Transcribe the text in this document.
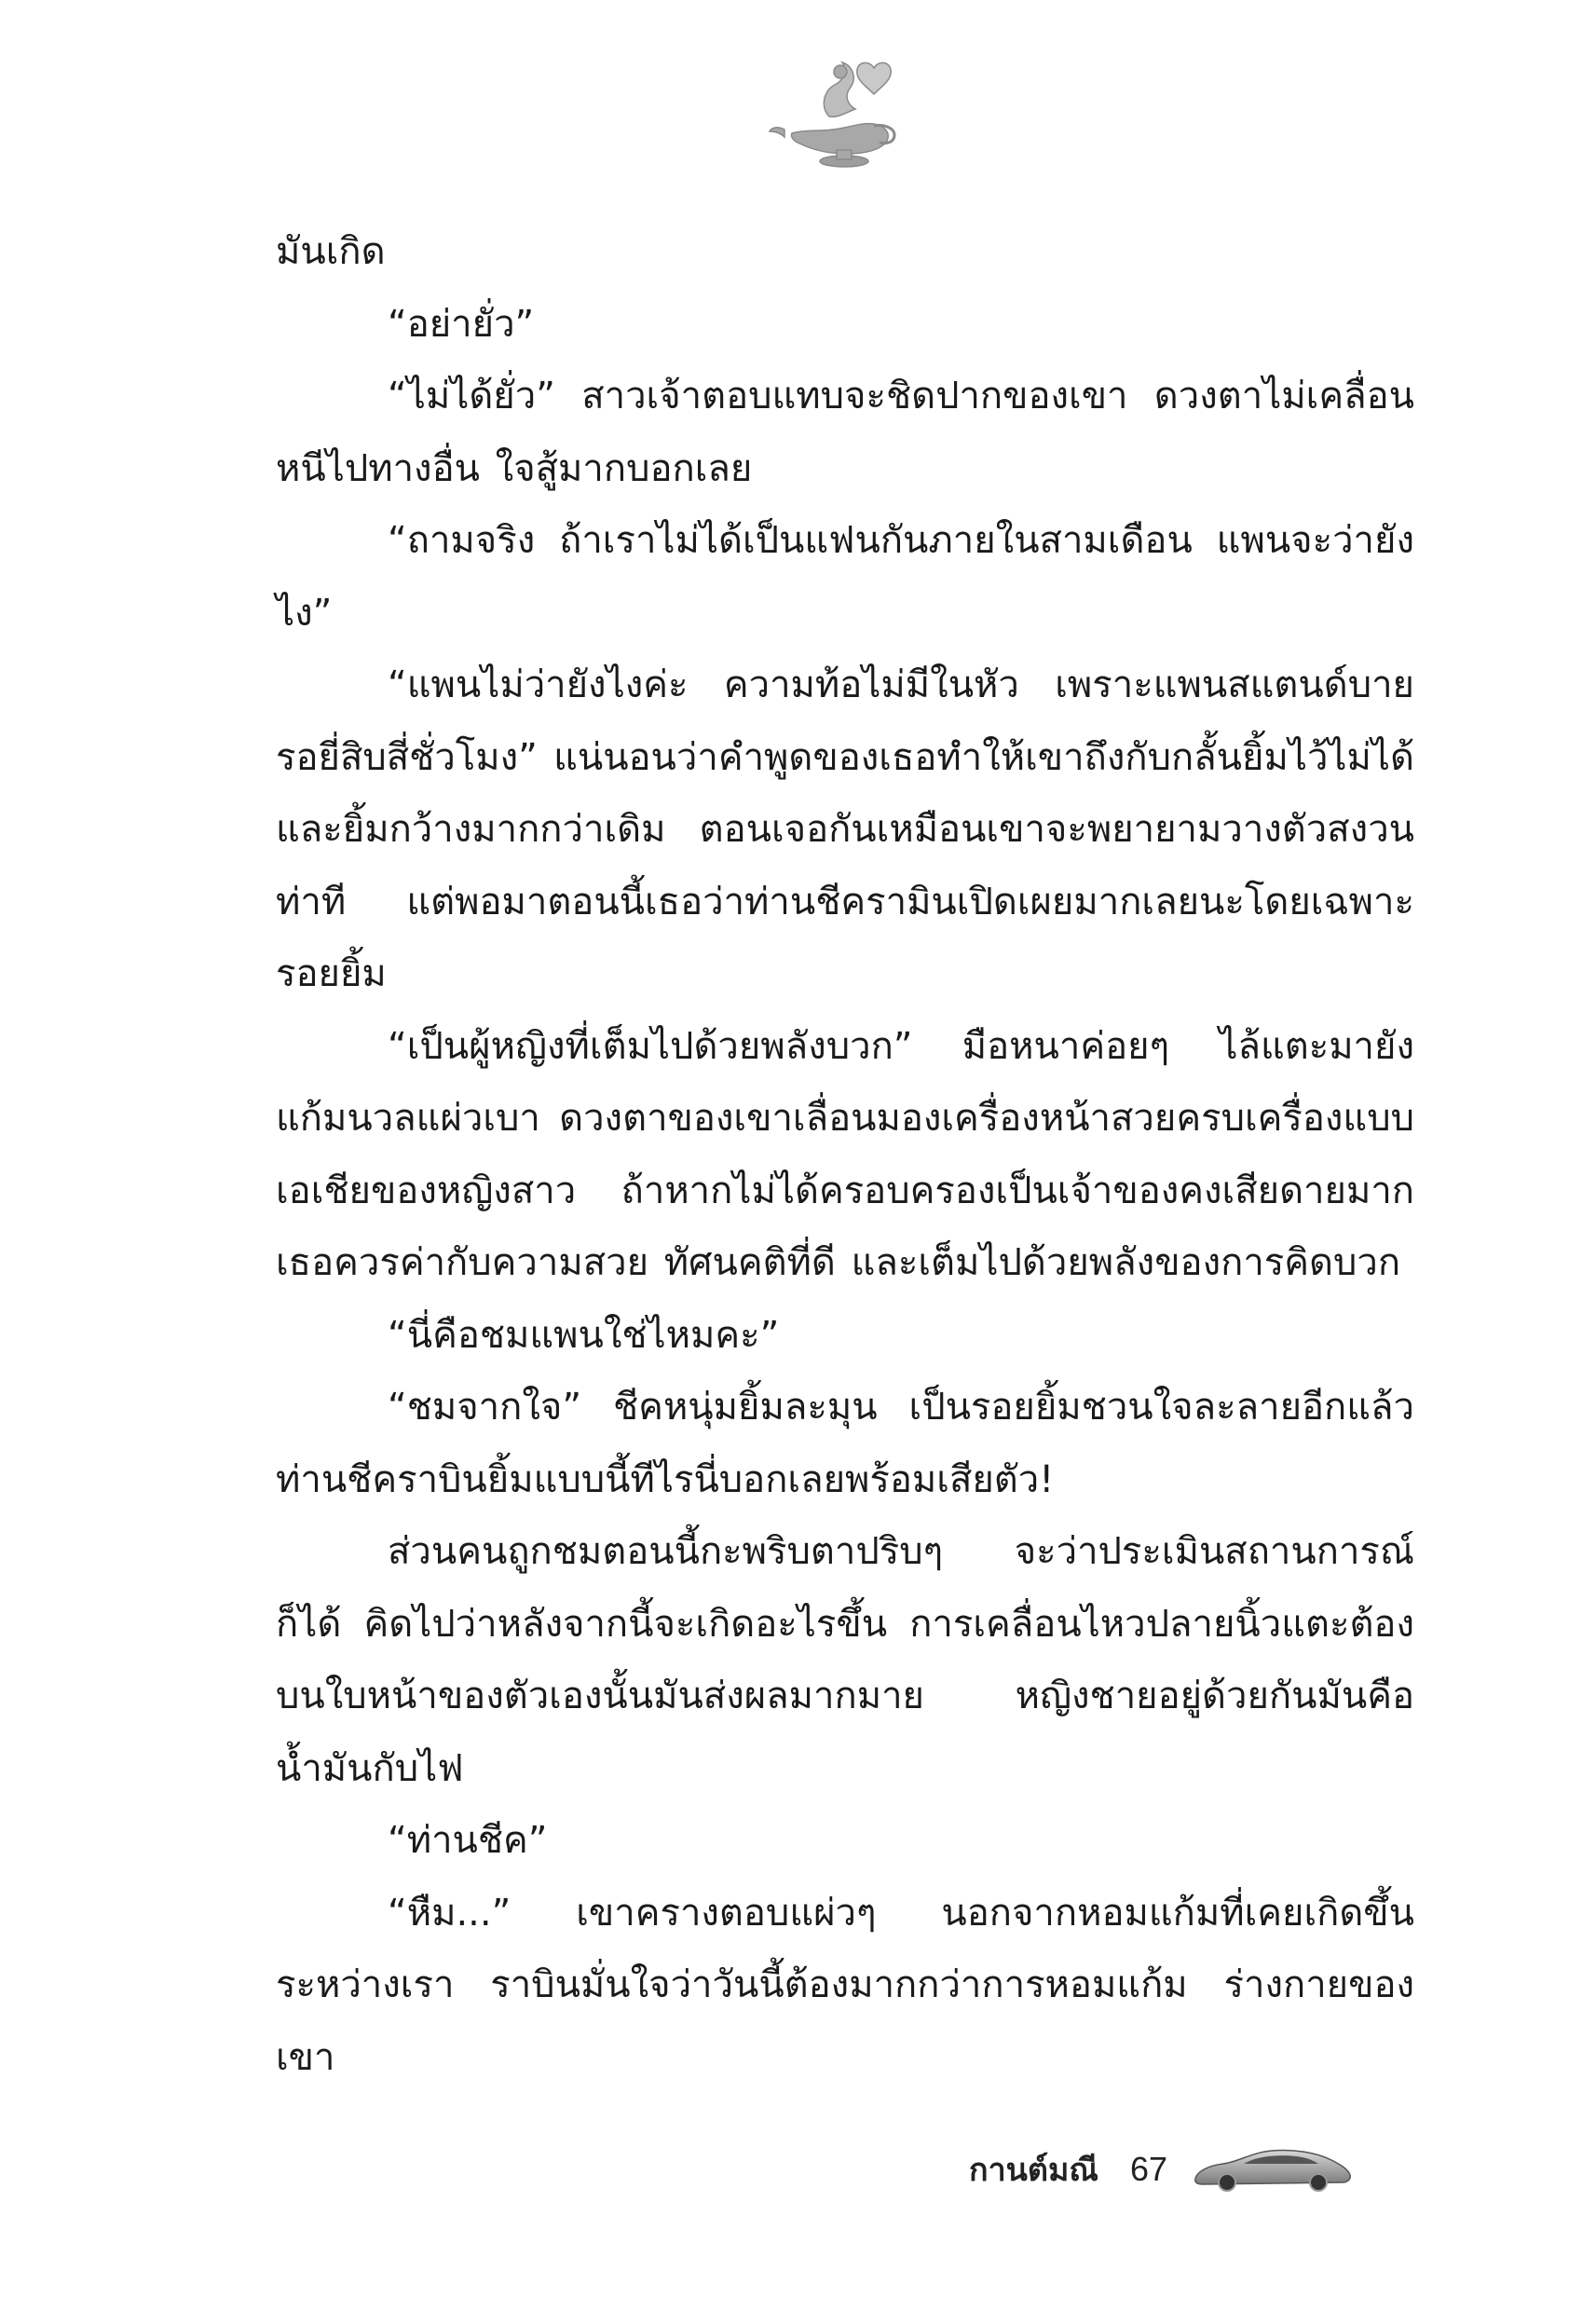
มันเกิด

“อย่ายั่ว”

“ไม่ได้ยั่ว” สาวเจ้าตอบแทบจะชิดปากของเขา ดวงตาไม่เคลื่อนหนีไปทางอื่น ใจสู้มากบอกเลย

“ถามจริง ถ้าเราไม่ได้เป็นแฟนกันภายในสามเดือน แพนจะว่ายังไง”

“แพนไม่ว่ายังไงค่ะ ความท้อไม่มีในหัว เพราะแพนสแตนด์บายรอยี่สิบสี่ชั่วโมง” แน่นอนว่าคำพูดของเธอทำให้เขาถึงกับกลั้นยิ้มไว้ไม่ได้ และยิ้มกว้างมากกว่าเดิม ตอนเจอกันเหมือนเขาจะพยายามวางตัวสงวนท่าที แต่พอมาตอนนี้เธอว่าท่านชีครามินเปิดเผยมากเลยนะโดยเฉพาะรอยยิ้ม

“เป็นผู้หญิงที่เต็มไปด้วยพลังบวก” มือหนาค่อยๆ ไล้แตะมายังแก้มนวลแผ่วเบา ดวงตาของเขาเลื่อนมองเครื่องหน้าสวยครบเครื่องแบบเอเชียของหญิงสาว ถ้าหากไม่ได้ครอบครองเป็นเจ้าของคงเสียดายมาก เธอควรค่ากับความสวย ทัศนคติที่ดี และเต็มไปด้วยพลังของการคิดบวก

“นี่คือชมแพนใช่ไหมคะ”

“ชมจากใจ” ชีคหนุ่มยิ้มละมุน เป็นรอยยิ้มชวนใจละลายอีกแล้วท่านชีคราบินยิ้มแบบนี้ทีไรนี่บอกเลยพร้อมเสียตัว!

ส่วนคนถูกชมตอนนี้กะพริบตาปริบๆ จะว่าประเมินสถานการณ์ก็ได้ คิดไปว่าหลังจากนี้จะเกิดอะไรขึ้น การเคลื่อนไหวปลายนิ้วแตะต้องบนใบหน้าของตัวเองนั้นมันส่งผลมากมาย หญิงชายอยู่ด้วยกันมันคือน้ำมันกับไฟ

“ท่านชีค”

“หืม...” เขาครางตอบแผ่วๆ นอกจากหอมแก้มที่เคยเกิดขึ้นระหว่างเรา ราบินมั่นใจว่าวันนี้ต้องมากกว่าการหอมแก้ม ร่างกายของเขา

กานต์มณี 67
